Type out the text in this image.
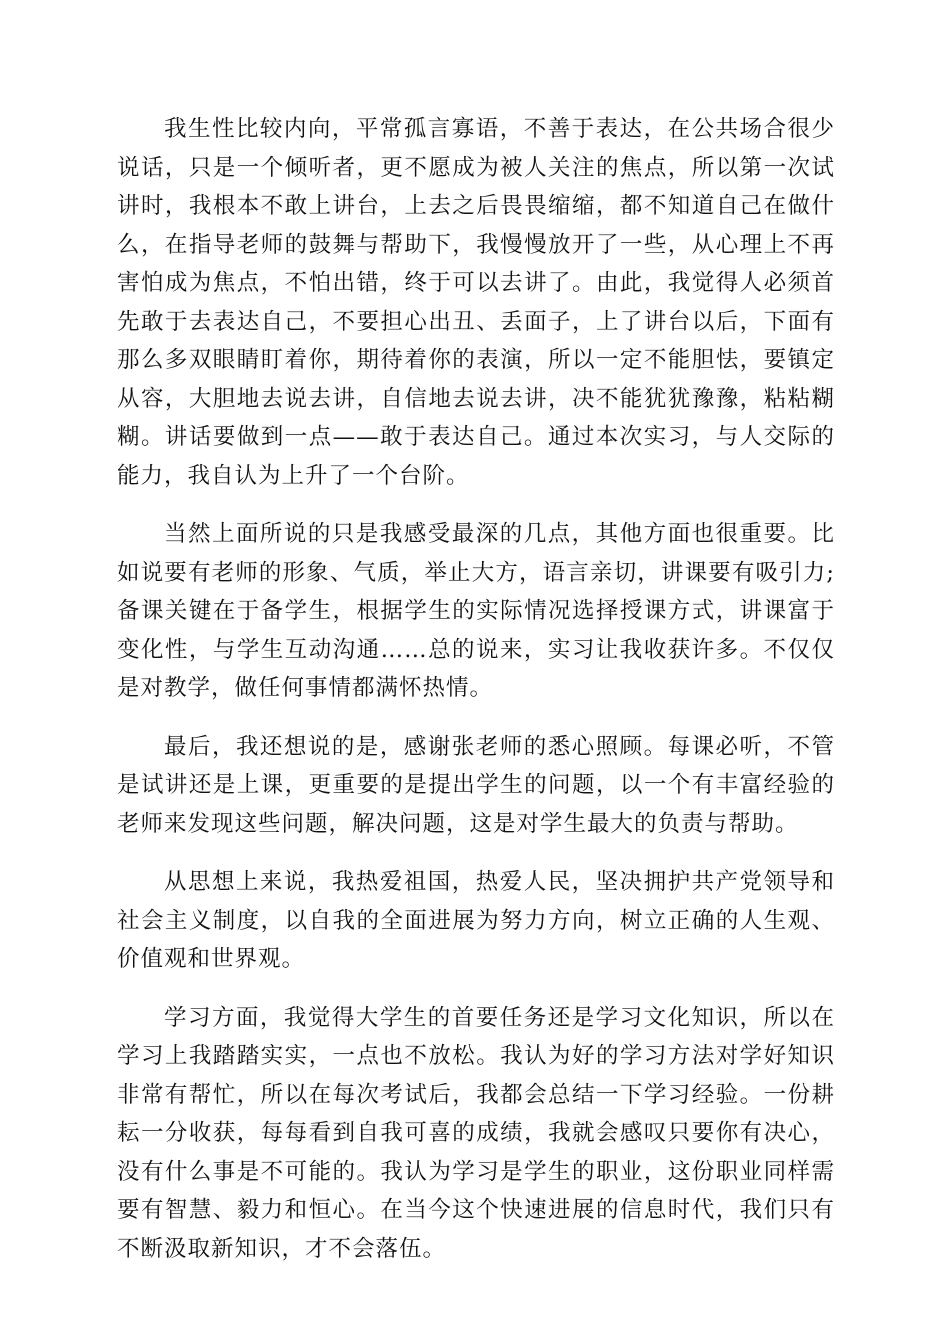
我生性比较内向，平常孤言寡语，不善于表达，在公共场合很少说话，只是一个倾听者，更不愿成为被人关注的焦点，所以第一次试讲时，我根本不敢上讲台，上去之后畏畏缩缩，都不知道自己在做什么，在指导老师的鼓舞与帮助下，我慢慢放开了一些，从心理上不再害怕成为焦点，不怕出错，终于可以去讲了。由此，我觉得人必须首先敢于去表达自己，不要担心出丑、丢面子，上了讲台以后，下面有那么多双眼睛盯着你，期待着你的表演，所以一定不能胆怯，要镇定从容，大胆地去说去讲，自信地去说去讲，决不能犹犹豫豫，粘粘糊糊。讲话要做到一点——敢于表达自己。通过本次实习，与人交际的能力，我自认为上升了一个台阶。

当然上面所说的只是我感受最深的几点，其他方面也很重要。比如说要有老师的形象、气质，举止大方，语言亲切，讲课要有吸引力;备课关键在于备学生，根据学生的实际情况选择授课方式，讲课富于变化性，与学生互动沟通……总的说来，实习让我收获许多。不仅仅是对教学，做任何事情都满怀热情。

最后，我还想说的是，感谢张老师的悉心照顾。每课必听，不管是试讲还是上课，更重要的是提出学生的问题，以一个有丰富经验的老师来发现这些问题，解决问题，这是对学生最大的负责与帮助。

从思想上来说，我热爱祖国，热爱人民，坚决拥护共产党领导和社会主义制度，以自我的全面进展为努力方向，树立正确的人生观、价值观和世界观。

学习方面，我觉得大学生的首要任务还是学习文化知识，所以在学习上我踏踏实实，一点也不放松。我认为好的学习方法对学好知识非常有帮忙，所以在每次考试后，我都会总结一下学习经验。一份耕耘一分收获，每每看到自我可喜的成绩，我就会感叹只要你有决心，没有什么事是不可能的。我认为学习是学生的职业，这份职业同样需要有智慧、毅力和恒心。在当今这个快速进展的信息时代，我们只有不断汲取新知识，才不会落伍。
